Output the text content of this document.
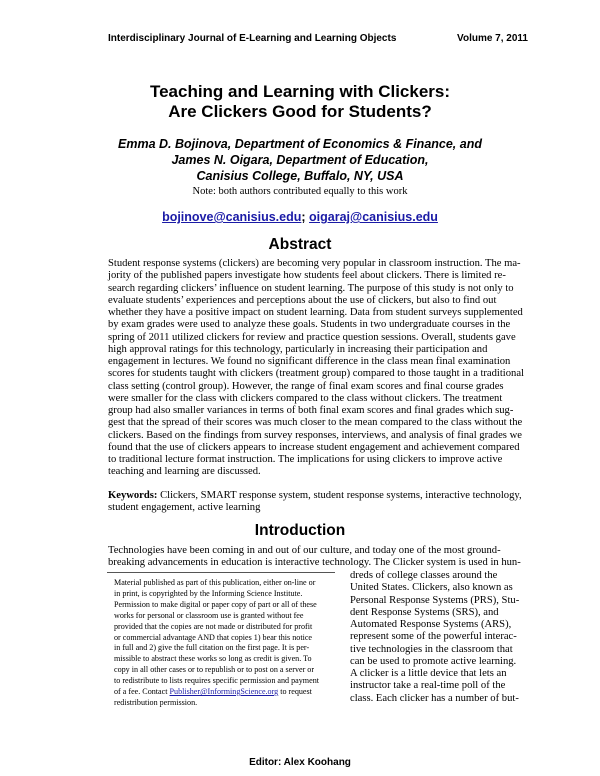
Interdisciplinary Journal of E-Learning and Learning Objects	Volume 7, 2011
Teaching and Learning with Clickers:
Are Clickers Good for Students?
Emma D. Bojinova, Department of Economics & Finance, and
James N. Oigara, Department of Education,
Canisius College, Buffalo, NY, USA
Note: both authors contributed equally to this work
bojinove@canisius.edu; oigaraj@canisius.edu
Abstract
Student response systems (clickers) are becoming very popular in classroom instruction. The ma-
jority of the published papers investigate how students feel about clickers. There is limited re-
search regarding clickers’ influence on student learning. The purpose of this study is not only to
evaluate students’ experiences and perceptions about the use of clickers, but also to find out
whether they have a positive impact on student learning. Data from student surveys supplemented
by exam grades were used to analyze these goals. Students in two undergraduate courses in the
spring of 2011 utilized clickers for review and practice question sessions. Overall, students gave
high approval ratings for this technology, particularly in increasing their participation and
engagement in lectures. We found no significant difference in the class mean final examination
scores for students taught with clickers (treatment group) compared to those taught in a traditional
class setting (control group). However, the range of final exam scores and final course grades
were smaller for the class with clickers compared to the class without clickers. The treatment
group had also smaller variances in terms of both final exam scores and final grades which sug-
gest that the spread of their scores was much closer to the mean compared to the class without the
clickers. Based on the findings from survey responses, interviews, and analysis of final grades we
found that the use of clickers appears to increase student engagement and achievement compared
to traditional lecture format instruction. The implications for using clickers to improve active
teaching and learning are discussed.
Keywords: Clickers, SMART response system, student response systems, interactive technology,
student engagement, active learning
Introduction
Technologies have been coming in and out of our culture, and today one of the most ground-
breaking advancements in education is interactive technology. The Clicker system is used in hun-
Material published as part of this publication, either on-line or
in print, is copyrighted by the Informing Science Institute.
Permission to make digital or paper copy of part or all of these
works for personal or classroom use is granted without fee
provided that the copies are not made or distributed for profit
or commercial advantage AND that copies 1) bear this notice
in full and 2) give the full citation on the first page. It is per-
missible to abstract these works so long as credit is given. To
copy in all other cases or to republish or to post on a server or
to redistribute to lists requires specific permission and payment
of a fee. Contact Publisher@InformingScience.org to request
redistribution permission.
dreds of college classes around the
United States. Clickers, also known as
Personal Response Systems (PRS), Stu-
dent Response Systems (SRS), and
Automated Response Systems (ARS),
represent some of the powerful interac-
tive technologies in the classroom that
can be used to promote active learning.
A clicker is a little device that lets an
instructor take a real-time poll of the
class. Each clicker has a number of but-
Editor: Alex Koohang
